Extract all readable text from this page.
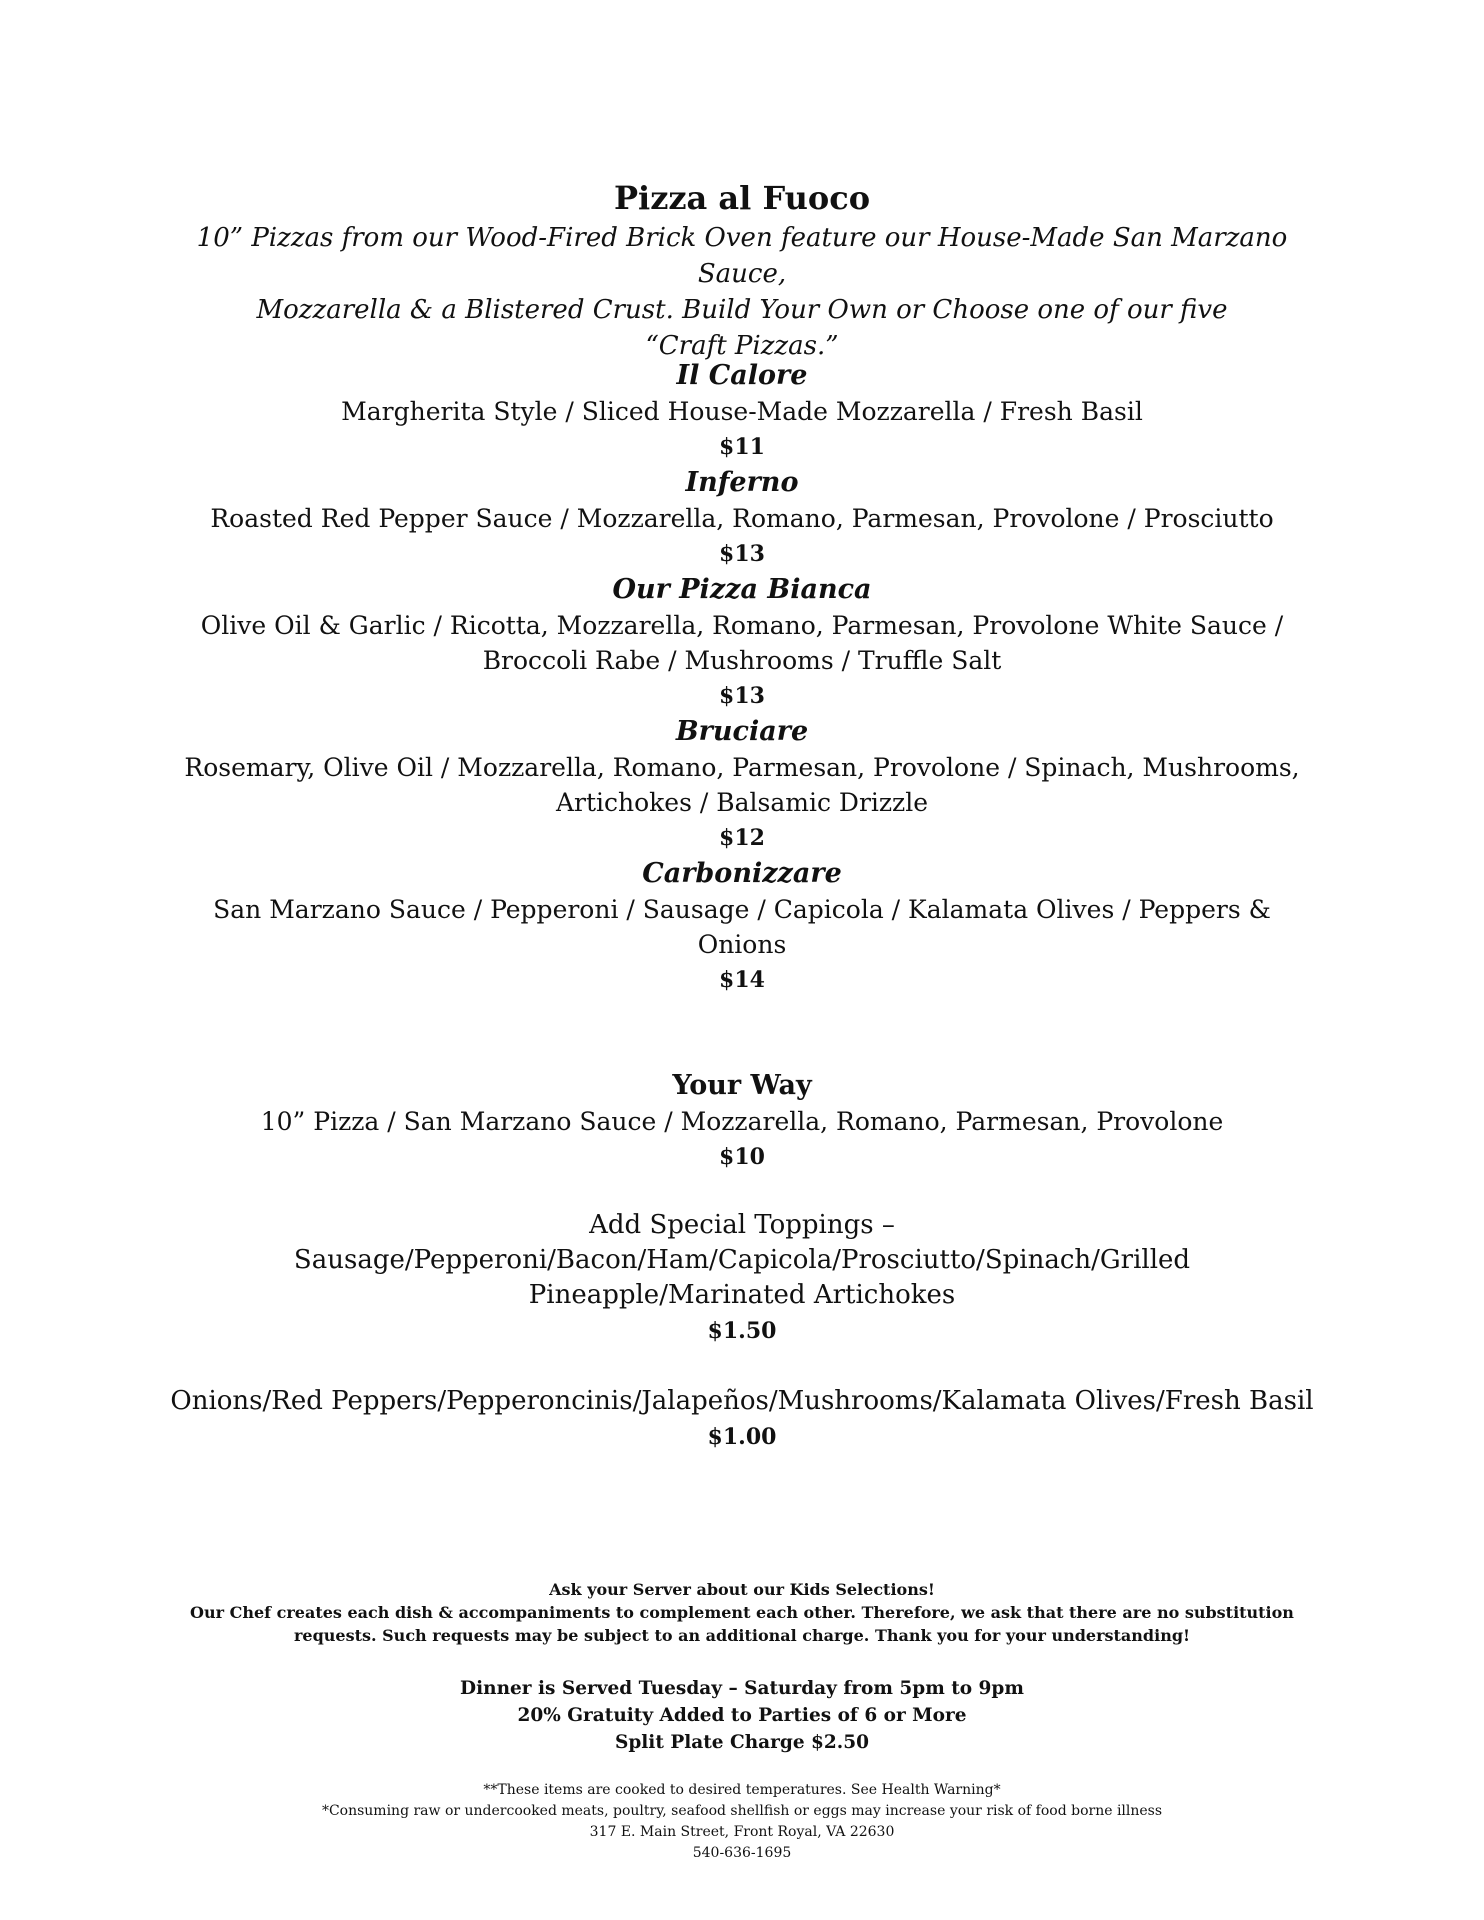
Pizza al Fuoco
10” Pizzas from our Wood-Fired Brick Oven feature our House-Made San Marzano Sauce,
Mozzarella & a Blistered Crust. Build Your Own or Choose one of our five
“Craft Pizzas.”
Il Calore
Margherita Style / Sliced House-Made Mozzarella / Fresh Basil
$11
Inferno
Roasted Red Pepper Sauce / Mozzarella, Romano, Parmesan, Provolone / Prosciutto
$13
Our Pizza Bianca
Olive Oil & Garlic / Ricotta, Mozzarella, Romano, Parmesan, Provolone White Sauce /
Broccoli Rabe / Mushrooms / Truffle Salt
$13
Bruciare
Rosemary, Olive Oil / Mozzarella, Romano, Parmesan, Provolone / Spinach, Mushrooms,
Artichokes / Balsamic Drizzle
$12
Carbonizzare
San Marzano Sauce / Pepperoni / Sausage / Capicola / Kalamata Olives / Peppers &
Onions
$14
Your Way
10” Pizza / San Marzano Sauce / Mozzarella, Romano, Parmesan, Provolone
$10
Add Special Toppings –
Sausage/Pepperoni/Bacon/Ham/Capicola/Prosciutto/Spinach/Grilled
Pineapple/Marinated Artichokes
$1.50
Onions/Red Peppers/Pepperoncinis/Jalapeños/Mushrooms/Kalamata Olives/Fresh Basil
$1.00
Ask your Server about our Kids Selections!
Our Chef creates each dish & accompaniments to complement each other. Therefore, we ask that there are no substitution
requests. Such requests may be subject to an additional charge. Thank you for your understanding!
Dinner is Served Tuesday – Saturday from 5pm to 9pm
20% Gratuity Added to Parties of 6 or More
Split Plate Charge $2.50
**These items are cooked to desired temperatures. See Health Warning*
*Consuming raw or undercooked meats, poultry, seafood shellfish or eggs may increase your risk of food borne illness
317 E. Main Street, Front Royal, VA 22630
540-636-1695
